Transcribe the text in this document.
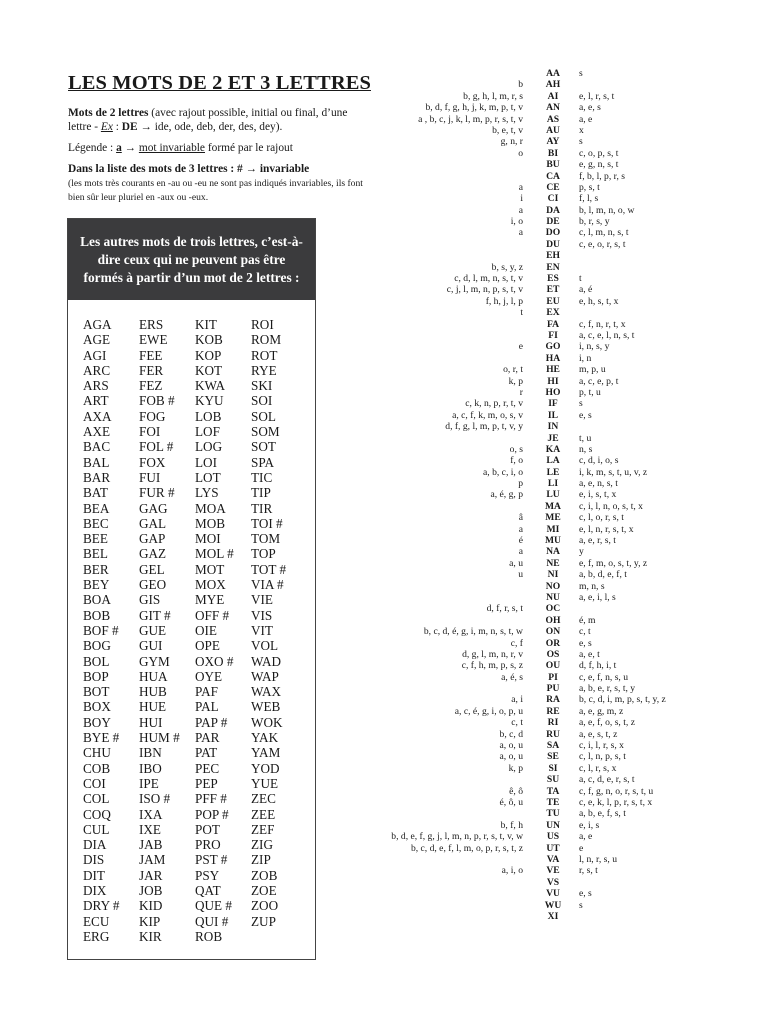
LES MOTS DE 2 ET 3 LETTRES

Mots de 2 lettres (avec rajout possible, initial ou final, d’une lettre - Ex : DE → ide, ode, deb, der, des, dey).

Légende : a → mot invariable formé par le rajout

Dans la liste des mots de 3 lettres : # → invariable
(les mots très courants en -au ou -eu ne sont pas indiqués invariables, ils font bien sûr leur pluriel en -aux ou -eux.

Les autres mots de trois lettres, c’est-à-dire ceux qui ne peuvent pas être formés à partir d’un mot de 2 lettres :
AGA
AGE
AGI
ARC
ARS
ART
AXA
AXE
BAC
BAL
BAR
BAT
BEA
BEC
BEE
BEL
BER
BEY
BOA
BOB
BOF #
BOG
BOL
BOP
BOT
BOX
BOY
BYE #
CHU
COB
COI
COL
COQ
CUL
DIA
DIS
DIT
DIX
DRY #
ECU
ERG
ERS
EWE
FEE
FER
FEZ
FOB #
FOG
FOI
FOL #
FOX
FUI
FUR #
GAG
GAL
GAP
GAZ
GEL
GEO
GIS
GIT #
GUE
GUI
GYM
HUA
HUB
HUE
HUI
HUM #
IBN
IBO
IPE
ISO #
IXA
IXE
JAB
JAM
JAR
JOB
KID
KIP
KIR
KIT
KOB
KOP
KOT
KWA
KYU
LOB
LOF
LOG
LOI
LOT
LYS
MOA
MOB
MOI
MOL #
MOT
MOX
MYE
OFF #
OIE
OPE
OXO #
OYE
PAF
PAL
PAP #
PAR
PAT
PEC
PEP
PFF #
POP #
POT
PRO
PST #
PSY
QAT
QUE #
QUI #
ROB
ROI
ROM
ROT
RYE
SKI
SOI
SOL
SOM
SOT
SPA
TIC
TIP
TIR
TOI #
TOM
TOP
TOT #
VIA #
VIE
VIS
VIT
VOL
WAD
WAP
WAX
WEB
WOK
YAK
YAM
YOD
YUE
ZEC
ZEE
ZEF
ZIG
ZIP
ZOB
ZOE
ZOO
ZUP
b
b, g, h, l, m, r, s
b, d, f, g, h, j, k, m, p, t, v
a , b, c, j, k, l, m, p, r, s, t, v
b, e, t, v
g, n, r
o
a
i
a
i, o
a
b, s, y, z
c, d, l, m, n, s, t, v
c, j, l, m, n, p, s, t, v
f, h, j, l, p
t
e
o, r, t
k, p
r
c, k, n, p, r, t, v
a, c, f, k, m, o, s, v
d, f, g, l, m, p, t, v, y
o, s
f, o
a, b, c, i, o
p
a, é, g, p
â
a
é
a
a, u
u
d, f, r, s, t
b, c, d, é, g, i, m, n, s, t, w
c, f
d, g, l, m, n, r, v
c, f, h, m, p, s, z
a, é, s
a, i
a, c, é, g, i, o, p, u
c, t
b, c, d
a, o, u
a, o, u
k, p
ê, ô
é, ô, u
b, f, h
b, d, e, f, g, j, l, m, n, p, r, s, t, v, w
b, c, d, e, f, l, m, o, p, r, s, t, z
a, i, o
AA
AH
AI
AN
AS
AU
AY
BI
BU
CA
CE
CI
DA
DE
DO
DU
EH
EN
ES
ET
EU
EX
FA
FI
GO
HA
HE
HI
HO
IF
IL
IN
JE
KA
LA
LE
LI
LU
MA
ME
MI
MU
NA
NE
NI
NO
NU
OC
OH
ON
OR
OS
OU
PI
PU
RA
RE
RI
RU
SA
SE
SI
SU
TA
TE
TU
UN
US
UT
VA
VE
VS
VU
WU
XI
s
e, l, r, s, t
a, e, s
a, e
x
s
c, o, p, s, t
e, g, n, s, t
f, b, l, p, r, s
p, s, t
f, l, s
b, l, m, n, o, w
b, r, s, y
c, l, m, n, s, t
c, e, o, r, s, t
t
a, é
e, h, s, t, x
c, f, n, r, t, x
a, c, e, l, n, s, t
i, n, s, y
i, n
m, p, u
a, c, e, p, t
p, t, u
s
e, s
t, u
n, s
c, d, i, o, s
i, k, m, s, t, u, v, z
a, e, n, s, t
e, i, s, t, x
c, i, l, n, o, s, t, x
c, l, o, r, s, t
e, l, n, r, s, t, x
a, e, r, s, t
y
e, f, m, o, s, t, y, z
a, b, d, e, f, t
m, n, s
a, e, i, l, s
é, m
c, t
e, s
a, e, t
d, f, h, i, t
c, e, f, n, s, u
a, b, e, r, s, t, y
b, c, d, i, m, p, s, t, y, z
a, e, g, m, z
a, e, f, o, s, t, z
a, e, s, t, z
c, i, l, r, s, x
c, l, n, p, s, t
c, l, r, s, x
a, c, d, e, r, s, t
c, f, g, n, o, r, s, t, u
c, e, k, l, p, r, s, t, x
a, b, e, f, s, t
e, i, s
a, e
e
l, n, r, s, u
r, s, t
e, s
s
